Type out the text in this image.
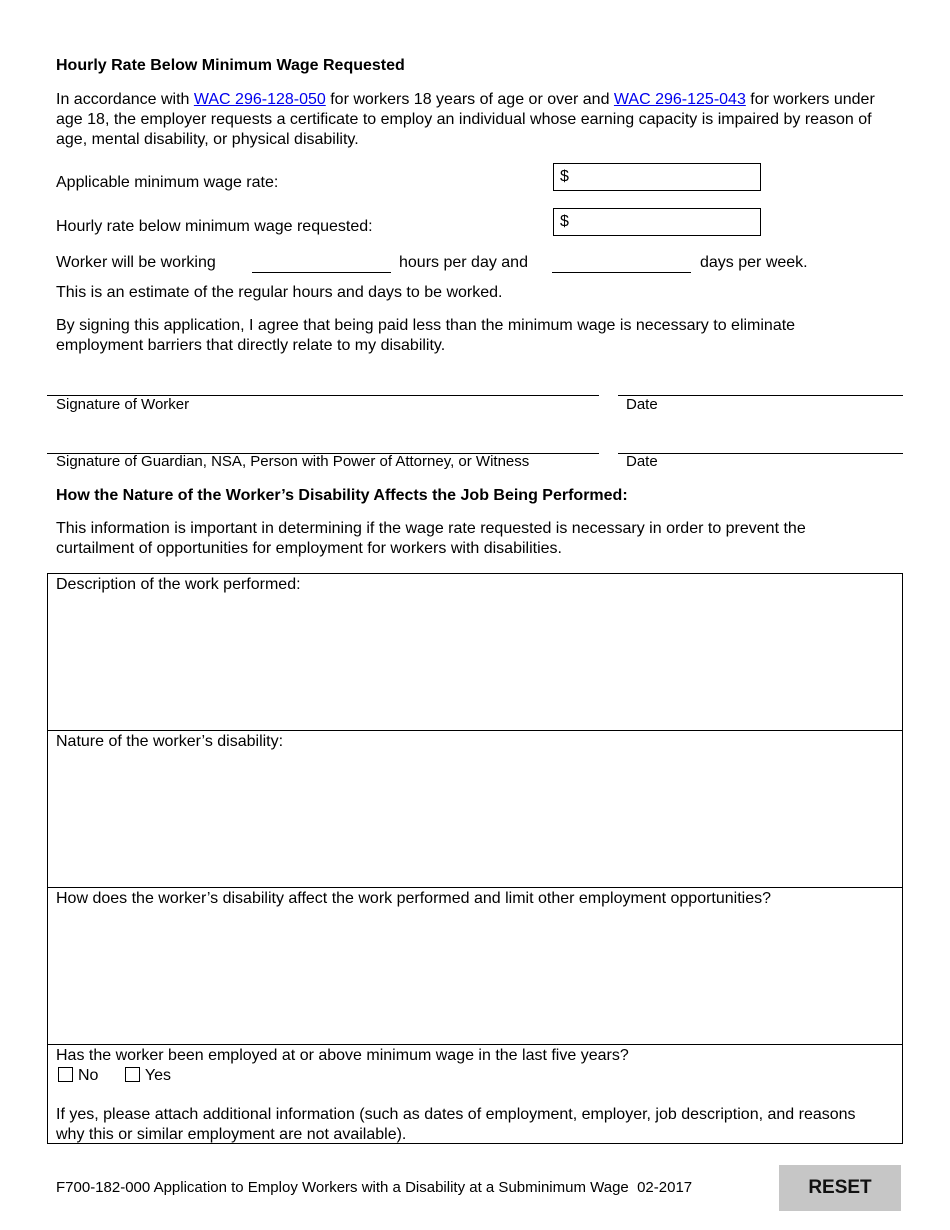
Hourly Rate Below Minimum Wage Requested
In accordance with WAC 296-128-050 for workers 18 years of age or over and WAC 296-125-043 for workers under age 18, the employer requests a certificate to employ an individual whose earning capacity is impaired by reason of age, mental disability, or physical disability.
Applicable minimum wage rate:	$
Hourly rate below minimum wage requested:	$
Worker will be working	hours per day and	days per week.
This is an estimate of the regular hours and days to be worked.
By signing this application, I agree that being paid less than the minimum wage is necessary to eliminate employment barriers that directly relate to my disability.
Signature of Worker	Date
Signature of Guardian, NSA, Person with Power of Attorney, or Witness	Date
How the Nature of the Worker’s Disability Affects the Job Being Performed:
This information is important in determining if the wage rate requested is necessary in order to prevent the curtailment of opportunities for employment for workers with disabilities.
Description of the work performed:
Nature of the worker’s disability:
How does the worker’s disability affect the work performed and limit other employment opportunities?
Has the worker been employed at or above minimum wage in the last five years?
No	Yes
If yes, please attach additional information (such as dates of employment, employer, job description, and reasons why this or similar employment are not available).
F700-182-000 Application to Employ Workers with a Disability at a Subminimum Wage  02-2017	RESET
